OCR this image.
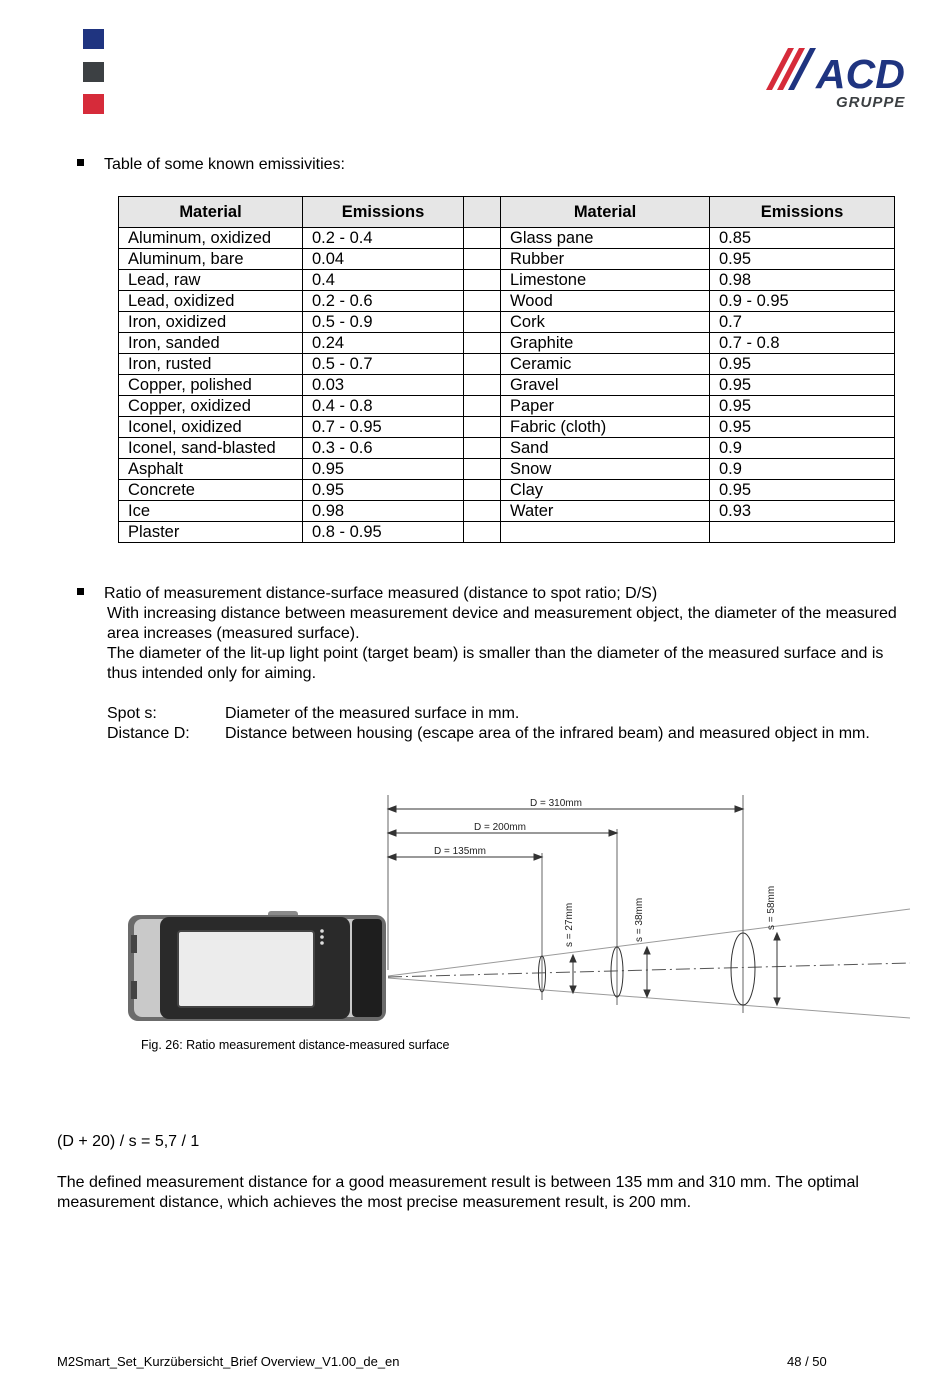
ACD
GRUPPE
Table of some known emissivities:
Material	Emissions		Material	Emissions
Aluminum, oxidized	0.2 - 0.4		Glass pane	0.85
Aluminum, bare	0.04		Rubber	0.95
Lead, raw	0.4		Limestone	0.98
Lead, oxidized	0.2 - 0.6		Wood	0.9 - 0.95
Iron, oxidized	0.5 - 0.9		Cork	0.7
Iron, sanded	0.24		Graphite	0.7 - 0.8
Iron, rusted	0.5 - 0.7		Ceramic	0.95
Copper, polished	0.03		Gravel	0.95
Copper, oxidized	0.4 - 0.8		Paper	0.95
Iconel, oxidized	0.7 - 0.95		Fabric (cloth)	0.95
Iconel, sand-blasted	0.3 - 0.6		Sand	0.9
Asphalt	0.95		Snow	0.9
Concrete	0.95		Clay	0.95
Ice	0.98		Water	0.93
Plaster	0.8 - 0.95			
Ratio of measurement distance-surface measured (distance to spot ratio; D/S)

With increasing distance between measurement device and measurement object, the diameter of the measured area increases (measured surface).

The diameter of the lit-up light point (target beam) is smaller than the diameter of the measured surface and is thus intended only for aiming.

Spot s:	Diameter of the measured surface in mm.
Distance D: Distance between housing (escape area of the infrared beam) and measured object in mm.
D = 310mm
D = 200mm
D = 135mm
s = 27mm	s = 38mm	s = 58mm
Fig. 26: Ratio measurement distance-measured surface
(D + 20) / s = 5,7 / 1
The defined measurement distance for a good measurement result is between 135 mm and 310 mm. The optimal measurement distance, which achieves the most precise measurement result, is 200 mm.
M2Smart_Set_Kurzübersicht_Brief Overview_V1.00_de_en	48 / 50
